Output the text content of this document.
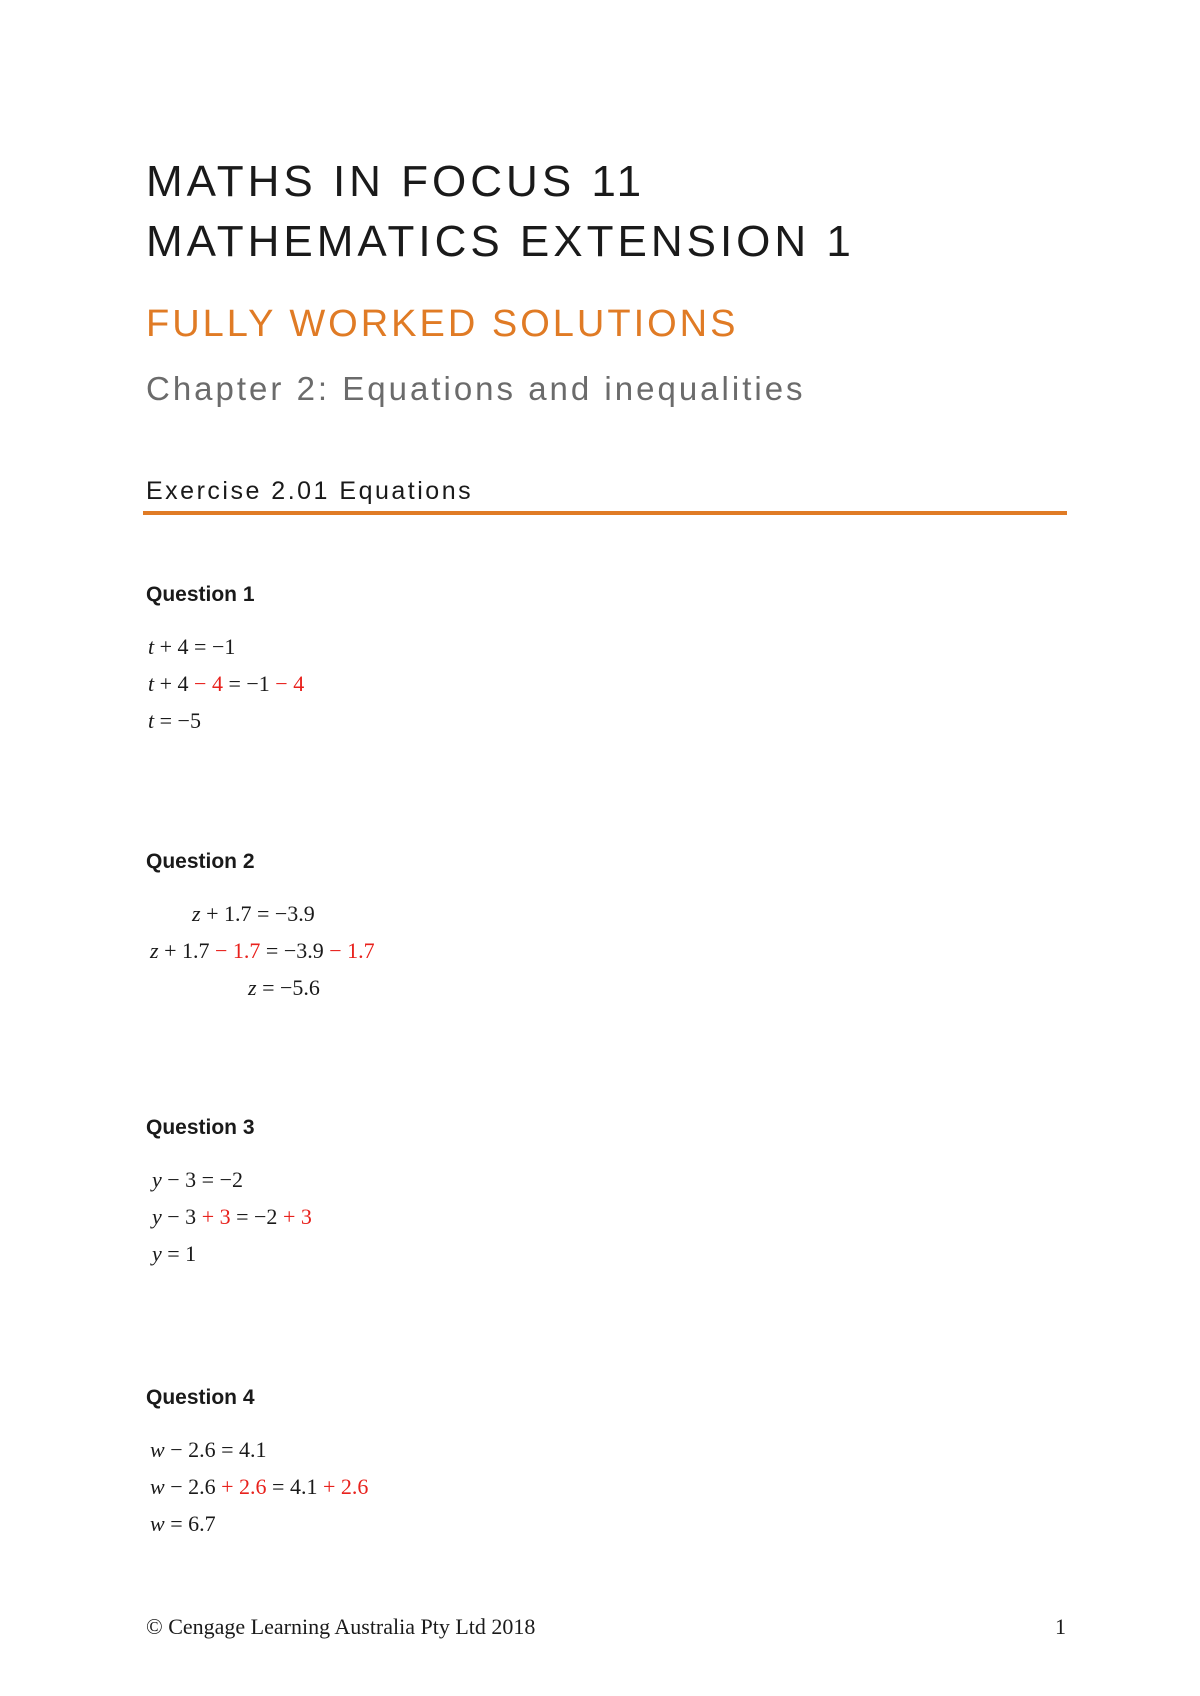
MATHS IN FOCUS 11
MATHEMATICS EXTENSION 1
FULLY WORKED SOLUTIONS
Chapter 2: Equations and inequalities
Exercise 2.01 Equations
Question 1
t + 4 = −1
t + 4 − 4 = −1 − 4
t = −5
Question 2
z + 1.7 = −3.9
z + 1.7 − 1.7 = −3.9 − 1.7
z = −5.6
Question 3
y − 3 = −2
y − 3 + 3 = −2 + 3
y = 1
Question 4
w − 2.6 = 4.1
w − 2.6 + 2.6 = 4.1 + 2.6
w = 6.7
© Cengage Learning Australia Pty Ltd 2018	1
